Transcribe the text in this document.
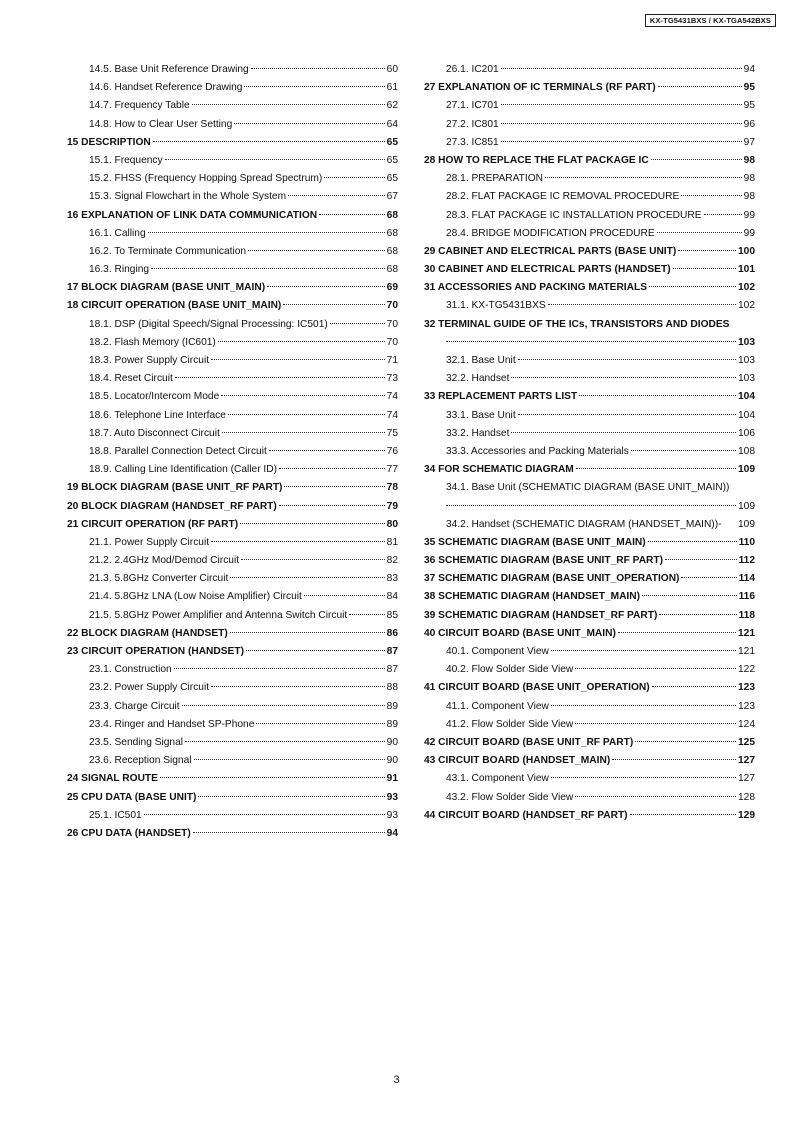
KX-TG5431BXS / KX-TGA542BXS
14.5. Base Unit Reference Drawing	60
14.6. Handset Reference Drawing	61
14.7. Frequency Table	62
14.8. How to Clear User Setting	64
15 DESCRIPTION	65
15.1. Frequency	65
15.2. FHSS (Frequency Hopping Spread Spectrum)	65
15.3. Signal Flowchart in the Whole System	67
16 EXPLANATION OF LINK DATA COMMUNICATION	68
16.1. Calling	68
16.2. To Terminate Communication	68
16.3. Ringing	68
17 BLOCK DIAGRAM (BASE UNIT_MAIN)	69
18 CIRCUIT OPERATION (BASE UNIT_MAIN)	70
18.1. DSP (Digital Speech/Signal Processing: IC501)	70
18.2. Flash Memory (IC601)	70
18.3. Power Supply Circuit	71
18.4. Reset Circuit	73
18.5. Locator/Intercom Mode	74
18.6. Telephone Line Interface	74
18.7. Auto Disconnect Circuit	75
18.8. Parallel Connection Detect Circuit	76
18.9. Calling Line Identification (Caller ID)	77
19 BLOCK DIAGRAM (BASE UNIT_RF PART)	78
20 BLOCK DIAGRAM (HANDSET_RF PART)	79
21 CIRCUIT OPERATION (RF PART)	80
21.1. Power Supply Circuit	81
21.2. 2.4GHz Mod/Demod Circuit	82
21.3. 5.8GHz Converter Circuit	83
21.4. 5.8GHz LNA (Low Noise Amplifier) Circuit	84
21.5. 5.8GHz Power Amplifier and Antenna Switch Circuit	85
22 BLOCK DIAGRAM (HANDSET)	86
23 CIRCUIT OPERATION (HANDSET)	87
23.1. Construction	87
23.2. Power Supply Circuit	88
23.3. Charge Circuit	89
23.4. Ringer and Handset SP-Phone	89
23.5. Sending Signal	90
23.6. Reception Signal	90
24 SIGNAL ROUTE	91
25 CPU DATA (BASE UNIT)	93
25.1. IC501	93
26 CPU DATA (HANDSET)	94
26.1. IC201	94
27 EXPLANATION OF IC TERMINALS (RF PART)	95
27.1. IC701	95
27.2. IC801	96
27.3. IC851	97
28 HOW TO REPLACE THE FLAT PACKAGE IC	98
28.1. PREPARATION	98
28.2. FLAT PACKAGE IC REMOVAL PROCEDURE	98
28.3. FLAT PACKAGE IC INSTALLATION PROCEDURE	99
28.4. BRIDGE MODIFICATION PROCEDURE	99
29 CABINET AND ELECTRICAL PARTS (BASE UNIT)	100
30 CABINET AND ELECTRICAL PARTS (HANDSET)	101
31 ACCESSORIES AND PACKING MATERIALS	102
31.1. KX-TG5431BXS	102
32 TERMINAL GUIDE OF THE ICs, TRANSISTORS AND DIODES
103
32.1. Base Unit	103
32.2. Handset	103
33 REPLACEMENT PARTS LIST	104
33.1. Base Unit	104
33.2. Handset	106
33.3. Accessories and Packing Materials	108
34 FOR SCHEMATIC DIAGRAM	109
34.1. Base Unit (SCHEMATIC DIAGRAM (BASE UNIT_MAIN))
109
34.2. Handset (SCHEMATIC DIAGRAM (HANDSET_MAIN))- 109
35 SCHEMATIC DIAGRAM (BASE UNIT_MAIN)	110
36 SCHEMATIC DIAGRAM (BASE UNIT_RF PART)	112
37 SCHEMATIC DIAGRAM (BASE UNIT_OPERATION)	114
38 SCHEMATIC DIAGRAM (HANDSET_MAIN)	116
39 SCHEMATIC DIAGRAM (HANDSET_RF PART)	118
40 CIRCUIT BOARD (BASE UNIT_MAIN)	121
40.1. Component View	121
40.2. Flow Solder Side View	122
41 CIRCUIT BOARD (BASE UNIT_OPERATION)	123
41.1. Component View	123
41.2. Flow Solder Side View	124
42 CIRCUIT BOARD (BASE UNIT_RF PART)	125
43 CIRCUIT BOARD (HANDSET_MAIN)	127
43.1. Component View	127
43.2. Flow Solder Side View	128
44 CIRCUIT BOARD (HANDSET_RF PART)	129
3
